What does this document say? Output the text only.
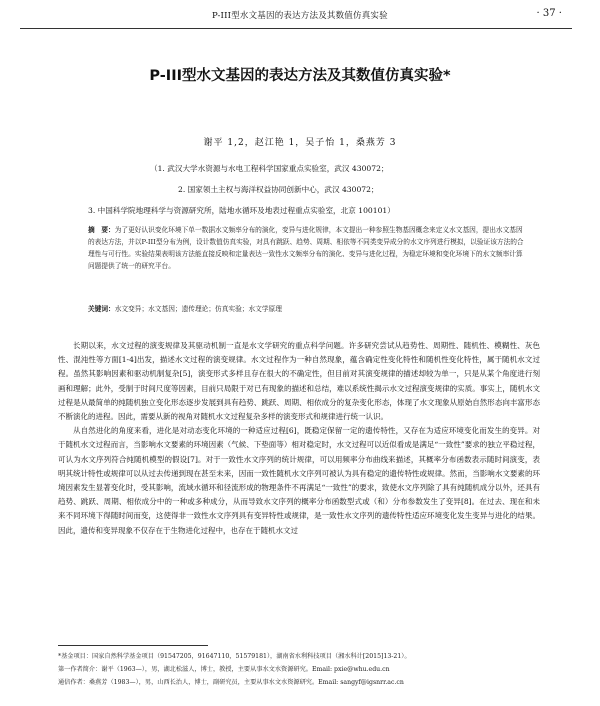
P-III型水文基因的表达方法及其数值仿真实验	· 37 ·
P-III型水文基因的表达方法及其数值仿真实验*
谢平 1,2，赵江艳 1，吴子怡 1，桑燕芳 3
（1. 武汉大学水资源与水电工程科学国家重点实验室，武汉 430072；
2. 国家领土主权与海洋权益协同创新中心，武汉 430072；
3. 中国科学院地理科学与资源研究所，陆地水循环及地表过程重点实验室，北京 100101）
摘　要：为了更好认识变化环境下单一数据水文频率分布的演化，变异与进化规律，本文提出一种参照生物基因概念来定义水文基因，提出水文基因的表达方法，并以P-III型分布为例，设计数值仿真实验，对具有跳跃、趋势、周期、相依等不同类变异成分的水文序列进行模拟，以验证该方法的合理性与可行性。实验结果表明该方法能直接反映和定量表达一致性水文频率分布的演化、变异与进化过程，为稳定环境和变化环境下的水文频率计算问题提供了统一的研究平台。
关键词：水文变异；水文基因；遗传理论；仿真实验；水文学原理

长期以来，水文过程的演变规律及其驱动机制一直是水文学研究的重点科学问题。许多研究尝试从趋势性、周期性、随机性、模糊性、灰色性、混沌性等方面[1-4]出发，描述水文过程的演变规律。水文过程作为一种自然现象，蕴含确定性变化特性和随机性变化特性，属于随机水文过程。虽然其影响因素和驱动机制复杂[5]，演变形式多样且存在很大的不确定性，但目前对其演变规律的描述却较为单一，只是从某个角度进行刻画和理解；此外，受制于时间尺度等因素，目前只局限于对已有现象的描述和总结，难以系统性揭示水文过程演变规律的实质。事实上，随机水文过程是从最简单的纯随机独立变化形态逐步发展到具有趋势、跳跃、周期、相依成分的复杂变化形态，体现了水文现象从原始自然形态向丰富形态不断演化的进程。因此，需要从新的视角对随机水文过程复杂多样的演变形式和规律进行统一认识。

从自然进化的角度来看，进化是对动态变化环境的一种适应过程[6]，既稳定保留一定的遗传特性，又存在为适应环境变化而发生的变异。对于随机水文过程而言，当影响水文要素的环境因素（气候、下垫面等）相对稳定时，水文过程可以近似看成是满足“一致性”要求的独立平稳过程，可认为水文序列符合纯随机模型的假设[7]。对于一致性水文序列的统计规律，可以用频率分布曲线来描述，其概率分布函数表示随时间演变，表明其统计特性或规律可以从过去传递到现在甚至未来，因而一致性随机水文序列可被认为具有稳定的遗传特性或规律。然而，当影响水文要素的环境因素发生显著变化时，受其影响，流域水循环和径流形成的物理条件不再满足“一致性”的要求，致使水文序列除了具有纯随机成分以外，还具有趋势、跳跃、周期、相依成分中的一种或多种成分，从而导致水文序列的概率分布函数型式或（和）分布参数发生了变异[8]。在过去、现在和未来不同环境下得随时间而变，这使得非一致性水文序列具有变异特性或规律，是一致性水文序列的遗传特性适应环境变化发生变异与进化的结果。因此，遗传和变异现象不仅存在于生物进化过程中，也存在于随机水文过

*基金项目：国家自然科学基金项目（91547205，91647110，51579181），湖南省水利科技项目（湘水科计[2015]13-21）。
第一作者简介：谢平（1963—），男，湖北松滋人，博士，教授，主要从事水文水资源研究。Email: pxie@whu.edu.cn
通信作者：桑燕芳（1983—），男，山西长治人，博士，副研究员，主要从事水文水资源研究。Email: sangyf@igsnrr.ac.cn
